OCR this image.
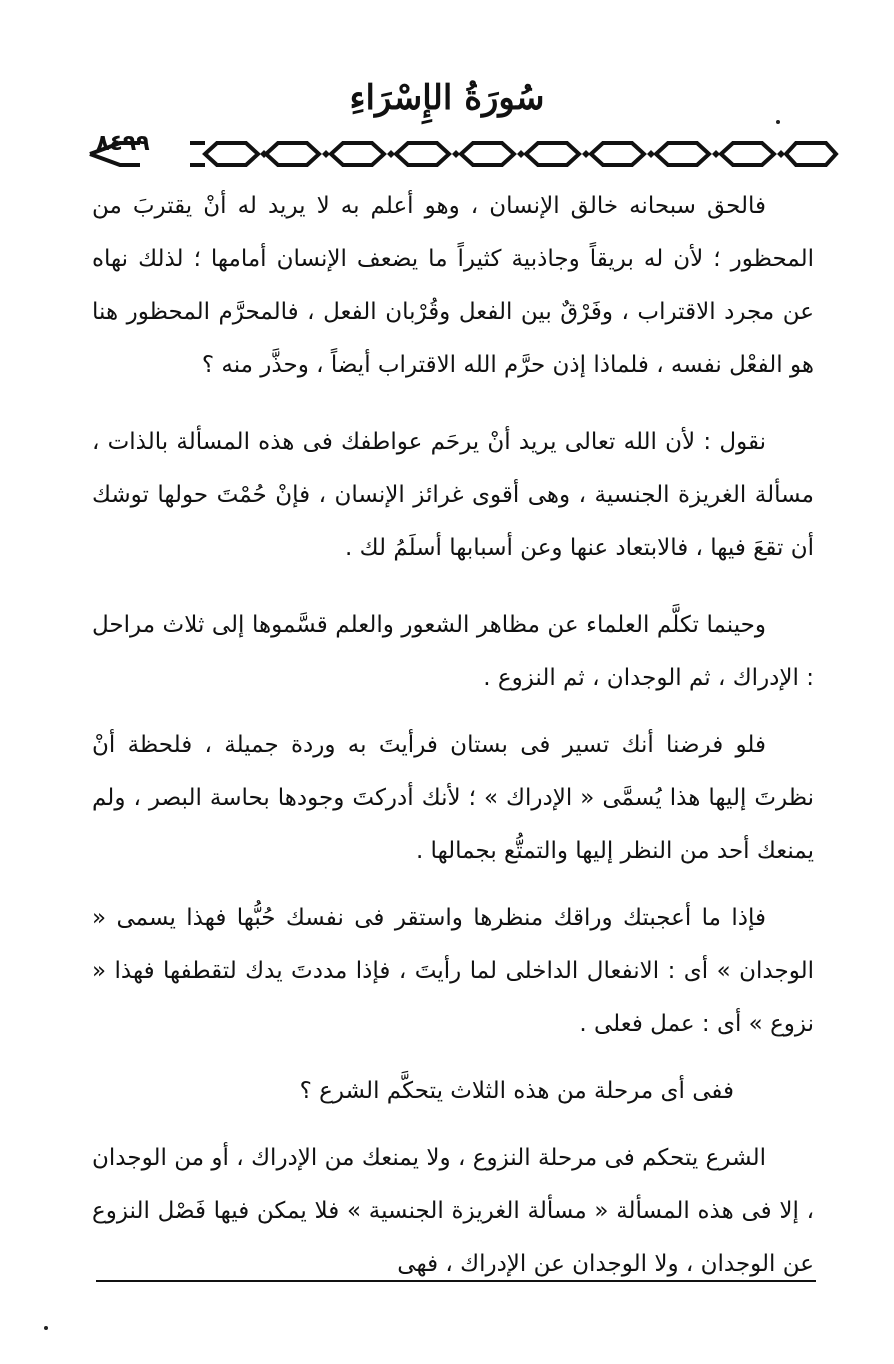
سُورَةُ الإِسْرَاءِ
٨٤٩٩

فالحق سبحانه خالق الإنسان ، وهو أعلم به لا يريد له أنْ يقتربَ من المحظور ؛ لأن له بريقاً وجاذبية كثيراً ما يضعف الإنسان أمامها ؛ لذلك نهاه عن مجرد الاقتراب ، وفَرْقٌ بين الفعل وقُرْبان الفعل ، فالمحرَّم المحظور هنا هو الفعْل نفسه ، فلماذا إذن حرَّم الله الاقتراب أيضاً ، وحذَّر منه ؟

نقول : لأن الله تعالى يريد أنْ يرحَم عواطفك فى هذه المسألة بالذات ، مسألة الغريزة الجنسية ، وهى أقوى غرائز الإنسان ، فإنْ حُمْتَ حولها توشك أن تقعَ فيها ، فالابتعاد عنها وعن أسبابها أسلَمُ لك .

وحينما تكلَّم العلماء عن مظاهر الشعور والعلم قسَّموها إلى ثلاث مراحل : الإدراك ، ثم الوجدان ، ثم النزوع .

فلو فرضنا أنك تسير فى بستان فرأيتَ به وردة جميلة ، فلحظة أنْ نظرتَ إليها هذا يُسمَّى « الإدراك » ؛ لأنك أدركتَ وجودها بحاسة البصر ، ولم يمنعك أحد من النظر إليها والتمتُّع بجمالها .

فإذا ما أعجبتك وراقك منظرها واستقر فى نفسك حُبُّها فهذا يسمى « الوجدان » أى : الانفعال الداخلى لما رأيتَ ، فإذا مددتَ يدك لتقطفها فهذا « نزوع » أى : عمل فعلى .

ففى أى مرحلة من هذه الثلاث يتحكَّم الشرع ؟

الشرع يتحكم فى مرحلة النزوع ، ولا يمنعك من الإدراك ، أو من الوجدان ، إلا فى هذه المسألة « مسألة الغريزة الجنسية » فلا يمكن فيها فَصْل النزوع عن الوجدان ، ولا الوجدان عن الإدراك ، فهى
